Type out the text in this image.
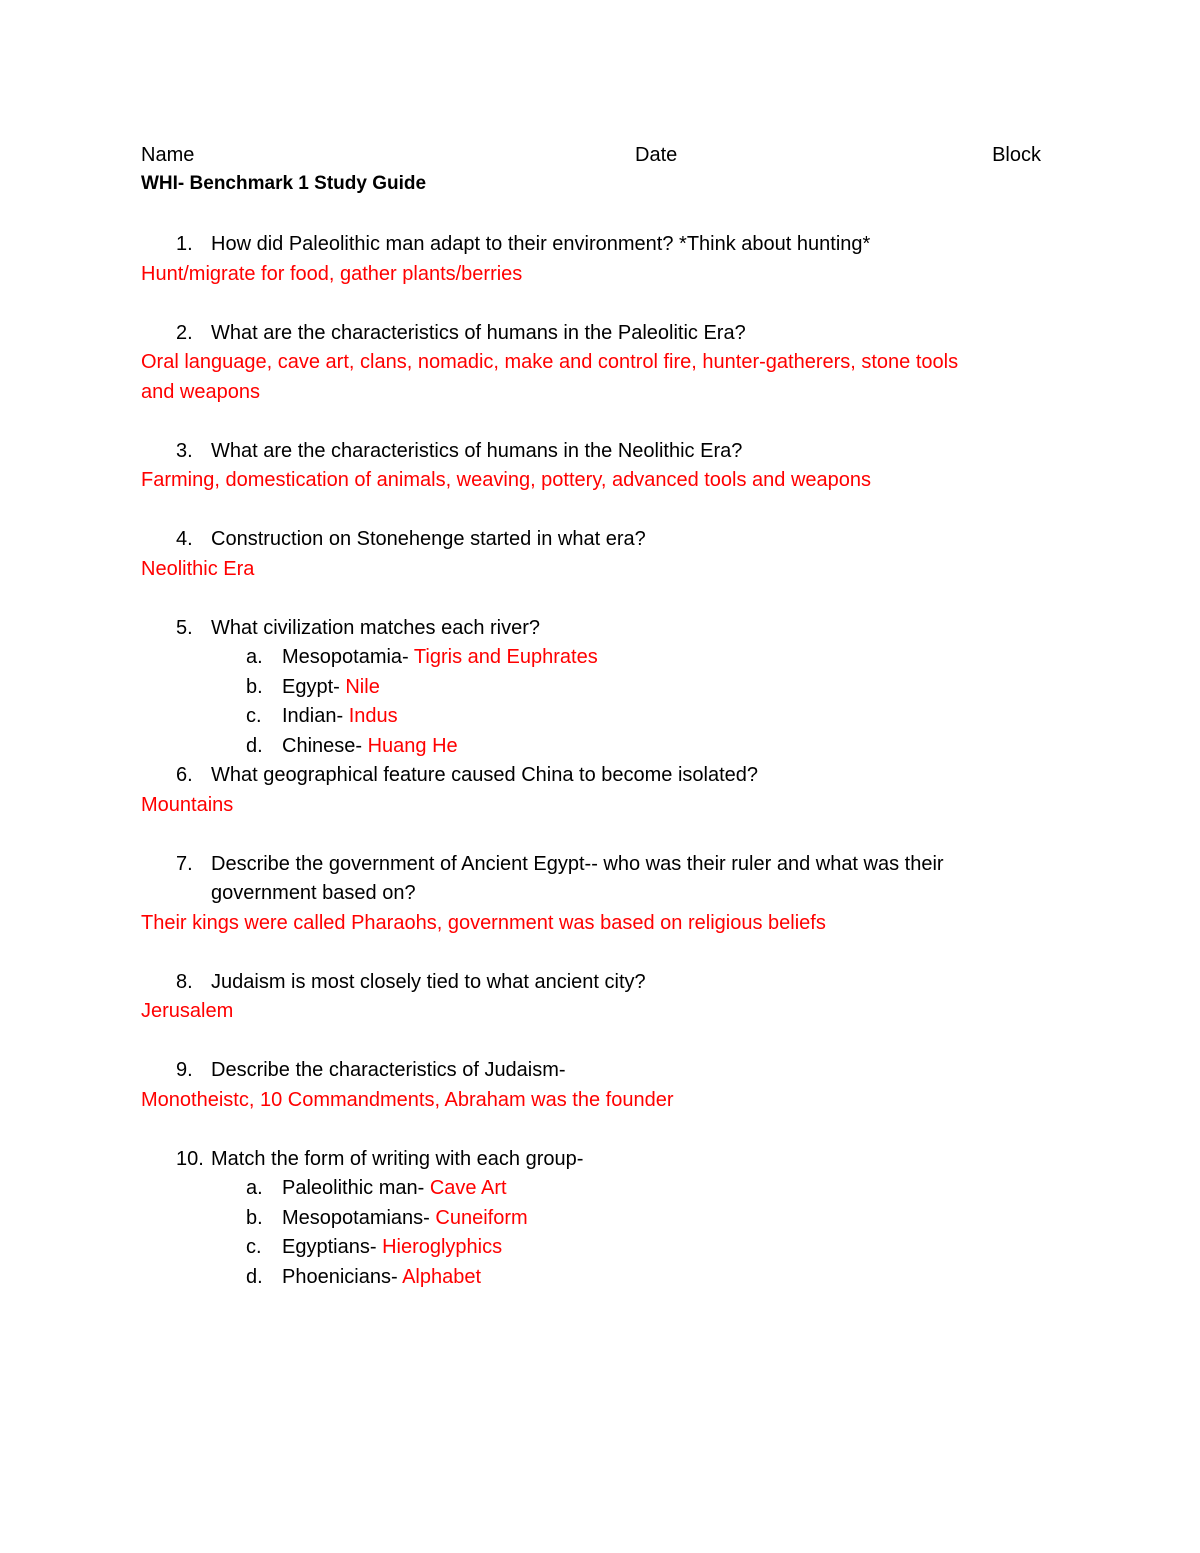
Name	Date	Block
WHI- Benchmark 1 Study Guide
1. How did Paleolithic man adapt to their environment? *Think about hunting*
Hunt/migrate for food, gather plants/berries
2. What are the characteristics of humans in the Paleolitic Era?
Oral language, cave art, clans, nomadic, make and control fire, hunter-gatherers, stone tools
and weapons
3. What are the characteristics of humans in the Neolithic Era?
Farming, domestication of animals, weaving, pottery, advanced tools and weapons
4. Construction on Stonehenge started in what era?
Neolithic Era
5. What civilization matches each river?
a. Mesopotamia- Tigris and Euphrates
b. Egypt- Nile
c. Indian- Indus
d. Chinese- Huang He
6. What geographical feature caused China to become isolated?
Mountains
7. Describe the government of Ancient Egypt-- who was their ruler and what was their
government based on?
Their kings were called Pharaohs, government was based on religious beliefs
8. Judaism is most closely tied to what ancient city?
Jerusalem
9. Describe the characteristics of Judaism-
Monotheistc, 10 Commandments, Abraham was the founder
10. Match the form of writing with each group-
a. Paleolithic man- Cave Art
b. Mesopotamians- Cuneiform
c. Egyptians- Hieroglyphics
d. Phoenicians- Alphabet
